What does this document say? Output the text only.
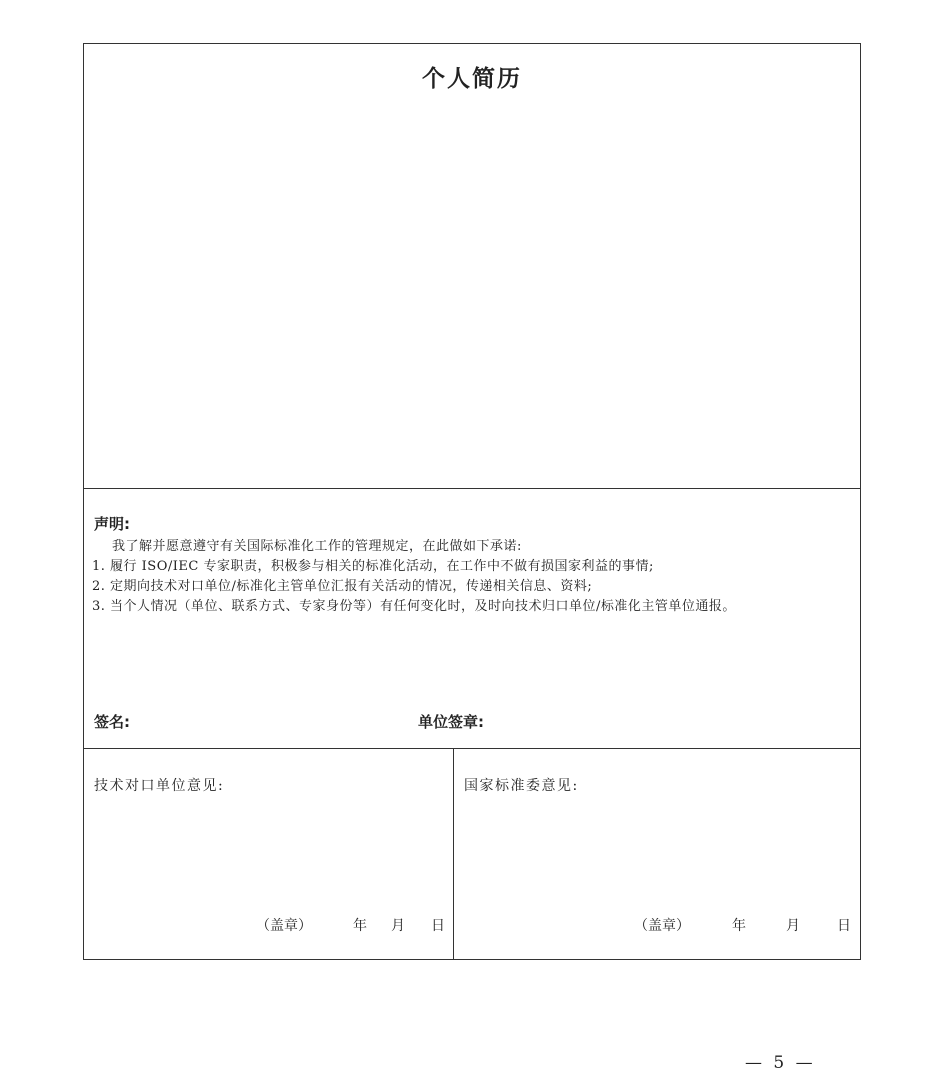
个人简历
声明:
我了解并愿意遵守有关国际标准化工作的管理规定，在此做如下承诺:
1. 履行 ISO/IEC 专家职责，积极参与相关的标准化活动，在工作中不做有损国家利益的事情;
2. 定期向技术对口单位/标准化主管单位汇报有关活动的情况，传递相关信息、资料;
3. 当个人情况（单位、联系方式、专家身份等）有任何变化时，及时向技术归口单位/标准化主管单位通报。
签名:	单位签章:
技术对口单位意见:
（盖章）	年 月 日
国家标准委意见:
（盖章）	年	月	日
— 5 —
